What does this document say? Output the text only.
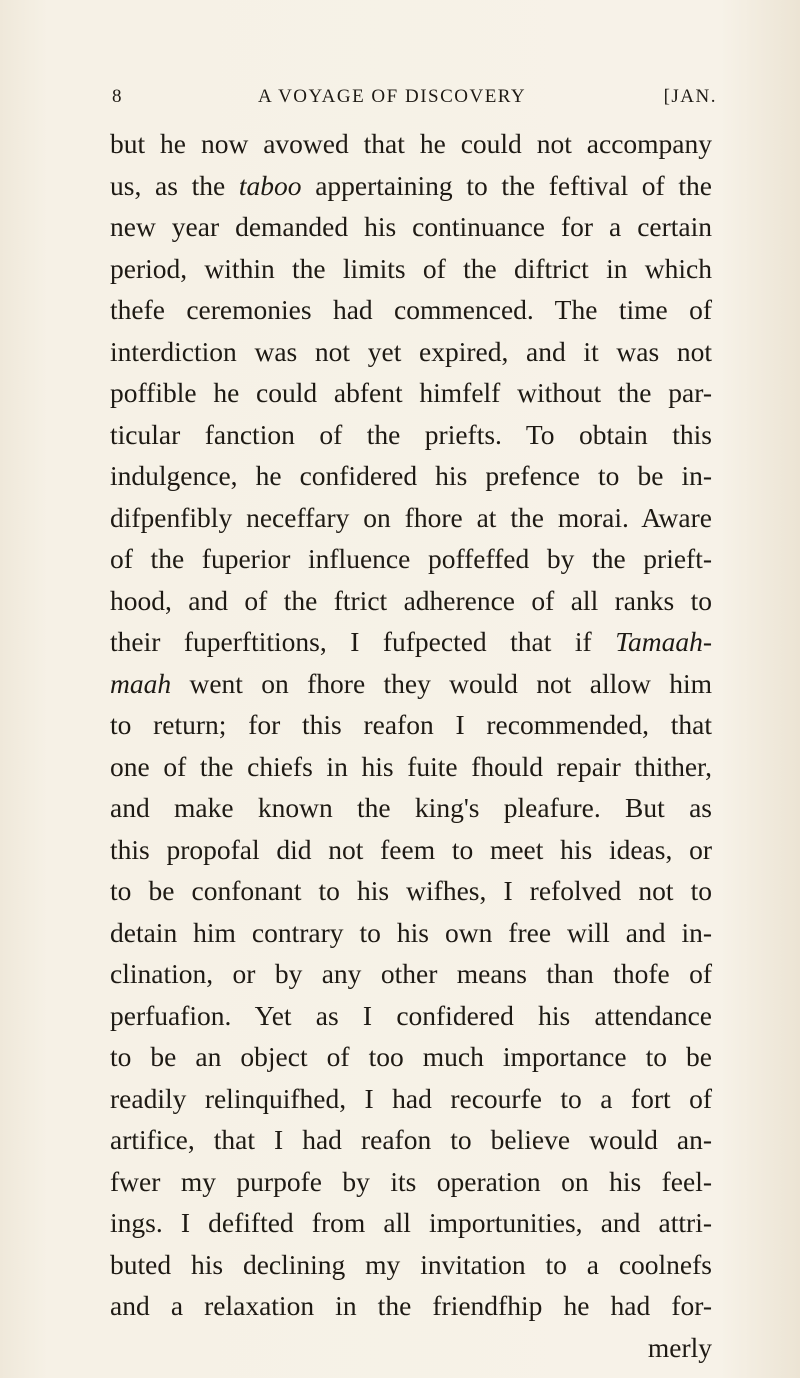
8	A VOYAGE OF DISCOVERY	[JAN.
but he now avowed that he could not accompany
us, as the taboo appertaining to the feftival of the
new year demanded his continuance for a certain
period, within the limits of the diftrict in which
thefe ceremonies had commenced. The time of
interdiction was not yet expired, and it was not
poffible he could abfent himfelf without the par-
ticular fanction of the priefts. To obtain this
indulgence, he confidered his prefence to be in-
difpenfibly neceffary on fhore at the morai. Aware
of the fuperior influence poffeffed by the prieft-
hood, and of the ftrict adherence of all ranks to
their fuperftitions, I fufpected that if Tamaah-
maah went on fhore they would not allow him
to return; for this reafon I recommended, that
one of the chiefs in his fuite fhould repair thither,
and make known the king's pleafure. But as
this propofal did not feem to meet his ideas, or
to be confonant to his wifhes, I refolved not to
detain him contrary to his own free will and in-
clination, or by any other means than thofe of
perfuafion. Yet as I confidered his attendance
to be an object of too much importance to be
readily relinquifhed, I had recourfe to a fort of
artifice, that I had reafon to believe would an-
fwer my purpofe by its operation on his feel-
ings. I defifted from all importunities, and attri-
buted his declining my invitation to a coolnefs
and a relaxation in the friendfhip he had for-
merly
